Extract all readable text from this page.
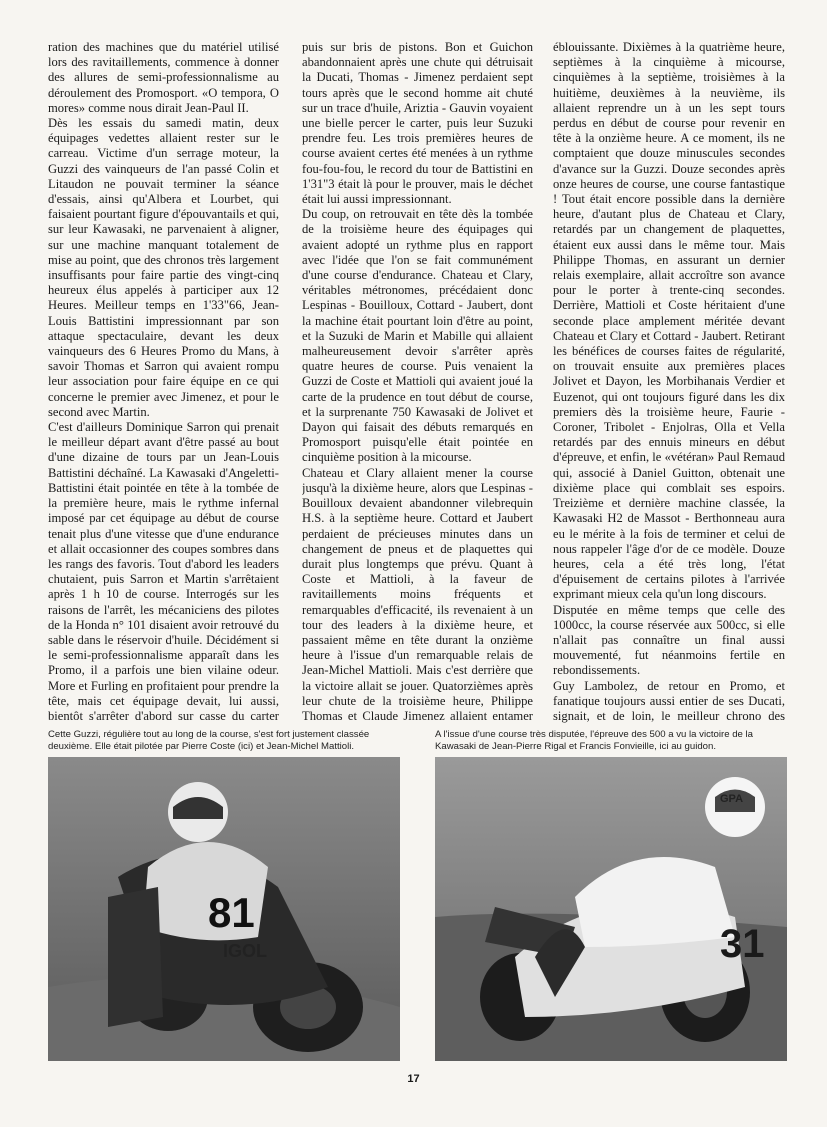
ration des machines que du matériel utilisé lors des ravitaillements, commence à donner des allures de semi-professionnalisme au déroulement des Promosport. «O tempora, O mores» comme nous dirait Jean-Paul II.

Dès les essais du samedi matin, deux équipages vedettes allaient rester sur le carreau. Victime d'un serrage moteur, la Guzzi des vainqueurs de l'an passé Colin et Litaudon ne pouvait terminer la séance d'essais, ainsi qu'Albera et Lourbet, qui faisaient pourtant figure d'épouvantails et qui, sur leur Kawasaki, ne parvenaient à aligner, sur une machine manquant totalement de mise au point, que des chronos très largement insuffisants pour faire partie des vingt-cinq heureux élus appelés à participer aux 12 Heures. Meilleur temps en 1'33"66, Jean-Louis Battistini impressionnant par son attaque spectaculaire, devant les deux vainqueurs des 6 Heures Promo du Mans, à savoir Thomas et Sarron qui avaient rompu leur association pour faire équipe en ce qui concerne le premier avec Jimenez, et pour le second avec Martin.

C'est d'ailleurs Dominique Sarron qui prenait le meilleur départ avant d'être passé au bout d'une dizaine de tours par un Jean-Louis Battistini déchaîné. La Kawasaki d'Angeletti-Battistini était pointée en tête à la tombée de la première heure, mais le rythme infernal imposé par cet équipage au début de course tenait plus d'une vitesse que d'une endurance et allait occasionner des coupes sombres dans les rangs des favoris. Tout d'abord les leaders chutaient, puis Sarron et Martin s'arrêtaient après 1 h 10 de course. Interrogés sur les raisons de l'arrêt, les mécaniciens des pilotes de la Honda n° 101 disaient avoir retrouvé du sable dans le réservoir d'huile. Décidément si le semi-professionnalisme apparaît dans les Promo, il a parfois une bien vilaine odeur. More et Furling en profitaient pour prendre la tête, mais cet équipage devait, lui aussi, bientôt s'arrêter d'abord sur casse du carter

puis sur bris de pistons. Bon et Guichon abandonnaient après une chute qui détruisait la Ducati, Thomas - Jimenez perdaient sept tours après que le second homme ait chuté sur un trace d'huile, Ariztia - Gauvin voyaient une bielle percer le carter, puis leur Suzuki prendre feu. Les trois premières heures de course avaient certes été menées à un rythme fou-fou-fou, le record du tour de Battistini en 1'31"3 était là pour le prouver, mais le déchet était lui aussi impressionnant.

Du coup, on retrouvait en tête dès la tombée de la troisième heure des équipages qui avaient adopté un rythme plus en rapport avec l'idée que l'on se fait communément d'une course d'endurance. Chateau et Clary, véritables métronomes, précédaient donc Lespinas - Bouilloux, Cottard - Jaubert, dont la machine était pourtant loin d'être au point, et la Suzuki de Marin et Mabille qui allaient malheureusement devoir s'arrêter après quatre heures de course. Puis venaient la Guzzi de Coste et Mattioli qui avaient joué la carte de la prudence en tout début de course, et la surprenante 750 Kawasaki de Jolivet et Dayon qui faisait des débuts remarqués en Promosport puisqu'elle était pointée en cinquième position à la micourse.

Chateau et Clary allaient mener la course jusqu'à la dixième heure, alors que Lespinas - Bouilloux devaient abandonner vilebrequin H.S. à la septième heure. Cottard et Jaubert perdaient de précieuses minutes dans un changement de pneus et de plaquettes qui durait plus longtemps que prévu. Quant à Coste et Mattioli, à la faveur de ravitaillements moins fréquents et remarquables d'efficacité, ils revenaient à un tour des leaders à la dixième heure, et passaient même en tête durant la onzième heure à l'issue d'un remarquable relais de Jean-Michel Mattioli. Mais c'est derrière que la victoire allait se jouer. Quatorzièmes après leur chute de la troisième heure, Philippe Thomas et Claude Jimenez allaient entamer

éblouissante. Dixièmes à la quatrième heure, septièmes à la cinquième à micourse, cinquièmes à la septième, troisièmes à la huitième, deuxièmes à la neuvième, ils allaient reprendre un à un les sept tours perdus en début de course pour revenir en tête à la onzième heure. A ce moment, ils ne comptaient que douze minuscules secondes d'avance sur la Guzzi. Douze secondes après onze heures de course, une course fantastique ! Tout était encore possible dans la dernière heure, d'autant plus de Chateau et Clary, retardés par un changement de plaquettes, étaient eux aussi dans le même tour. Mais Philippe Thomas, en assurant un dernier relais exemplaire, allait accroître son avance pour le porter à trente-cinq secondes. Derrière, Mattioli et Coste héritaient d'une seconde place amplement méritée devant Chateau et Clary et Cottard - Jaubert. Retirant les bénéfices de courses faites de régularité, on trouvait ensuite aux premières places Jolivet et Dayon, les Morbihanais Verdier et Euzenot, qui ont toujours figuré dans les dix premiers dès la troisième heure, Faurie - Coroner, Tribolet - Enjolras, Olla et Vella retardés par des ennuis mineurs en début d'épreuve, et enfin, le «vétéran» Paul Remaud qui, associé à Daniel Guitton, obtenait une dixième place qui comblait ses espoirs. Treizième et dernière machine classée, la Kawasaki H2 de Massot - Berthonneau aura eu le mérite à la fois de terminer et celui de nous rappeler l'âge d'or de ce modèle. Douze heures, cela a été très long, l'état d'épuisement de certains pilotes à l'arrivée exprimant mieux cela qu'un long discours.

Disputée en même temps que celle des 1000cc, la course réservée aux 500cc, si elle n'allait pas connaître un final aussi mouvementé, fut néanmoins fertile en rebondissements.

Guy Lambolez, de retour en Promo, et fanatique toujours aussi entier de ses Ducati, signait, et de loin, le meilleur chrono des

Cette Guzzi, régulière tout au long de la course, s'est fort justement classée deuxième. Elle était pilotée par Pierre Coste (ici) et Jean-Michel Mattioli.
A l'issue d'une course très disputée, l'épreuve des 500 a vu la victoire de la Kawasaki de Jean-Pierre Rigal et Francis Fonvieille, ici au guidon.
81
IGOL
GPA
31
17
